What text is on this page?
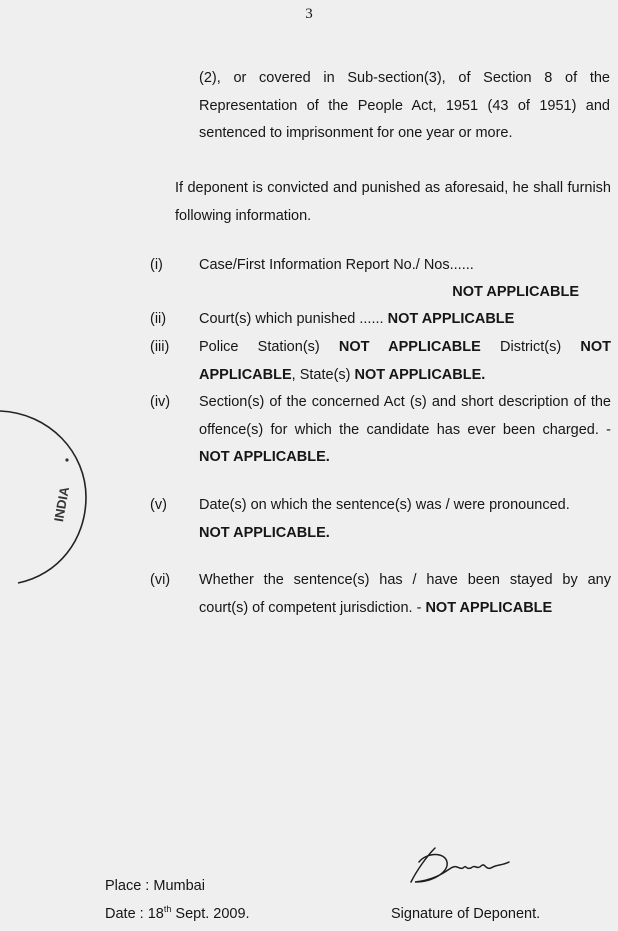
3

(2), or covered in Sub-section(3), of Section 8 of the Representation of the People Act, 1951 (43 of 1951) and sentenced to imprisonment for one year or more.

If deponent is convicted and punished as aforesaid, he shall furnish following information.

(i) Case/First Information Report No./ Nos......

NOT APPLICABLE
(ii) Court(s) which punished ...... NOT APPLICABLE

(iii) Police Station(s) NOT APPLICABLE District(s) NOT APPLICABLE, State(s) NOT APPLICABLE.

(iv) Section(s) of the concerned Act (s) and short description of the offence(s) for which the candidate has ever been charged. - NOT APPLICABLE.

(v) Date(s) on which the sentence(s) was / were pronounced.
NOT APPLICABLE.

(vi) Whether the sentence(s) has / have been stayed by any court(s) of competent jurisdiction. - NOT APPLICABLE

INDIA
Place : Mumbai
Date : 18th Sept. 2009.	Signature of Deponent.
